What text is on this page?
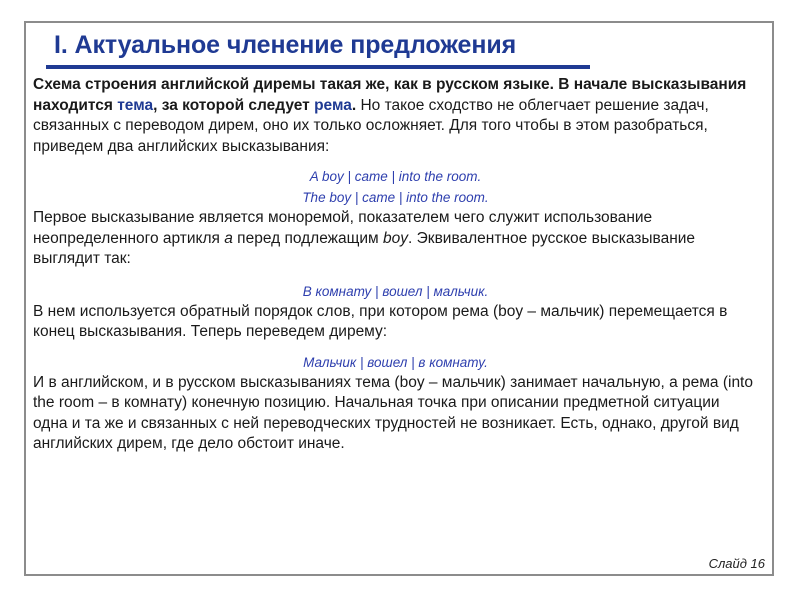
I. Актуальное членение предложения

Схема строения английской диремы такая же, как в русском языке. В начале высказывания находится тема, за которой следует рема. Но такое сходство не облегчает решение задач, связанных с переводом дирем, оно их только осложняет. Для того чтобы в этом разобраться, приведем два английских высказывания:

A boy | came | into the room.
The boy | came | into the room.

Первое высказывание является моноремой, показателем чего служит использование неопределенного артикля a перед подлежащим boy. Эквивалентное русское высказывание выглядит так:

В комнату | вошел | мальчик.

В нем используется обратный порядок слов, при котором рема (boy – мальчик) перемещается в конец высказывания. Теперь переведем дирему:

Мальчик | вошел | в комнату.

И в английском, и в русском высказываниях тема (boy – мальчик) занимает начальную, а рема (into the room – в комнату) конечную позицию. Начальная точка при описании предметной ситуации одна и та же и связанных с ней переводческих трудностей не возникает. Есть, однако, другой вид английских дирем, где дело обстоит иначе.

Слайд 16
